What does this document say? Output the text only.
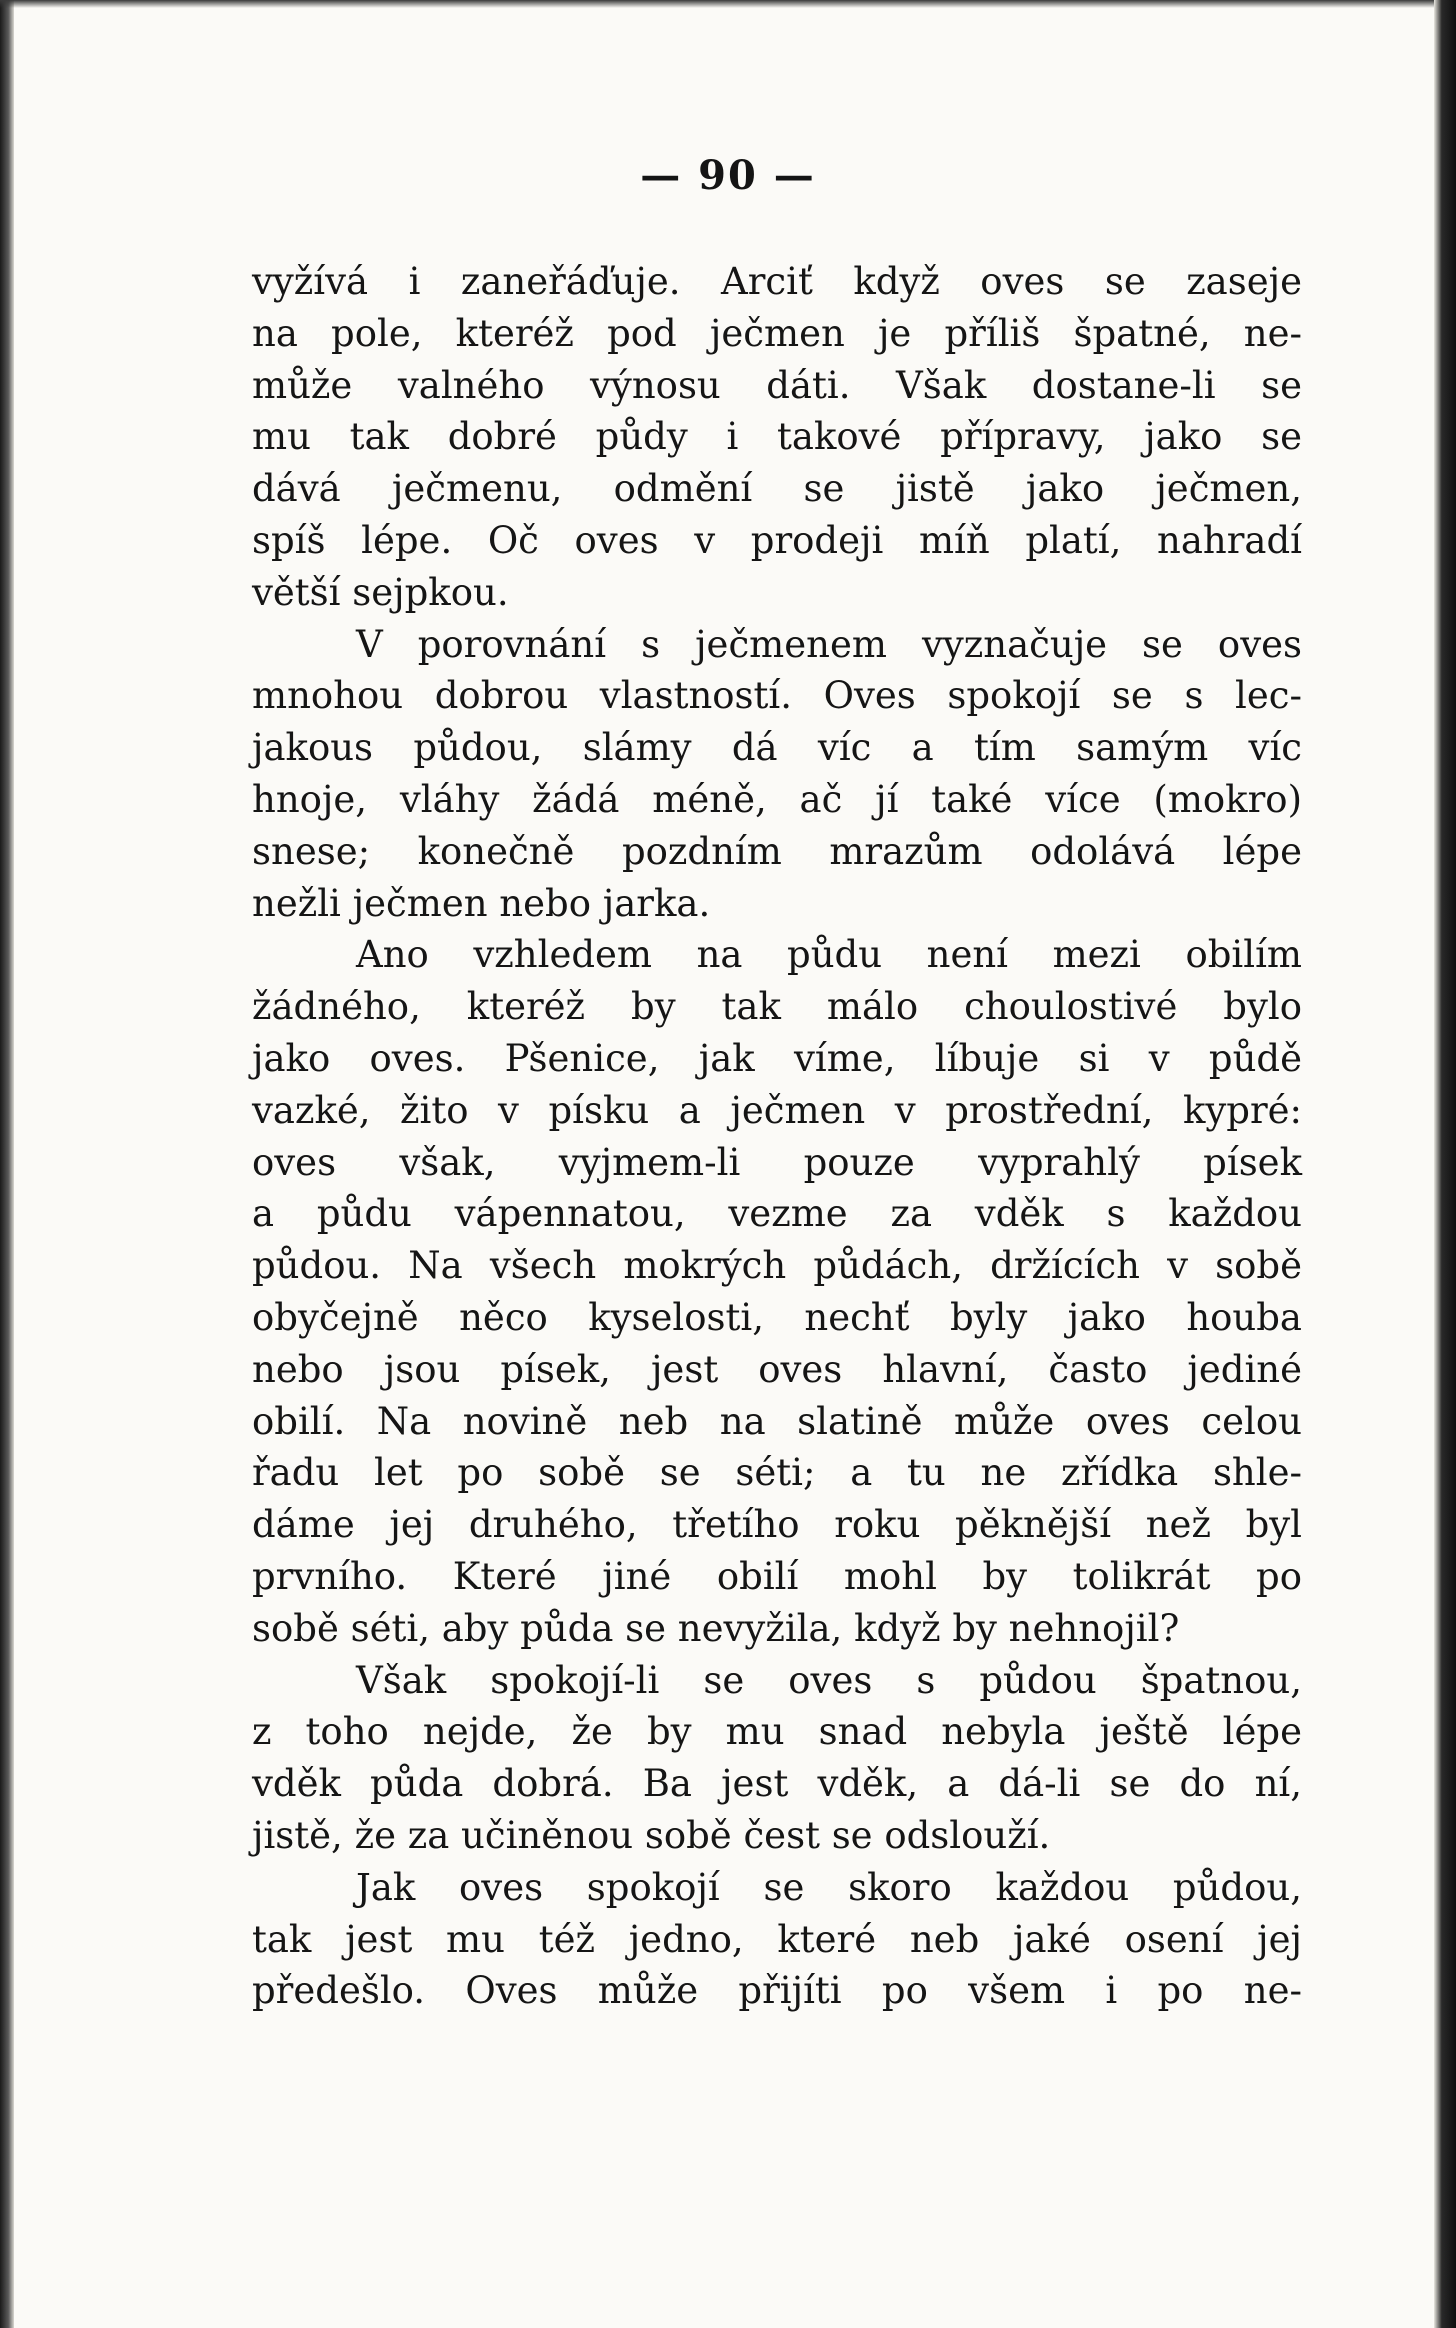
— 90 —
vyžívá i zaneřáďuje. Arciť když oves se zaseje
na pole, kteréž pod ječmen je příliš špatné, ne-
může valného výnosu dáti. Však dostane-li se
mu tak dobré půdy i takové přípravy, jako se
dává ječmenu, odmění se jistě jako ječmen,
spíš lépe. Oč oves v prodeji míň platí, nahradí
větší sejpkou.
V porovnání s ječmenem vyznačuje se oves
mnohou dobrou vlastností. Oves spokojí se s lec-
jakous půdou, slámy dá víc a tím samým víc
hnoje, vláhy žádá méně, ač jí také více (mokro)
snese; konečně pozdním mrazům odolává lépe
nežli ječmen nebo jarka.
Ano vzhledem na půdu není mezi obilím
žádného, kteréž by tak málo choulostivé bylo
jako oves. Pšenice, jak víme, líbuje si v půdě
vazké, žito v písku a ječmen v prostřední, kypré:
oves však, vyjmem-li pouze vyprahlý písek
a půdu vápennatou, vezme za vděk s každou
půdou. Na všech mokrých půdách, držících v sobě
obyčejně něco kyselosti, nechť byly jako houba
nebo jsou písek, jest oves hlavní, často jediné
obilí. Na novině neb na slatině může oves celou
řadu let po sobě se séti; a tu ne zřídka shle-
dáme jej druhého, třetího roku pěknější než byl
prvního. Které jiné obilí mohl by tolikrát po
sobě séti, aby půda se nevyžila, když by nehnojil?
Však spokojí-li se oves s půdou špatnou,
z toho nejde, že by mu snad nebyla ještě lépe
vděk půda dobrá. Ba jest vděk, a dá-li se do ní,
jistě, že za učiněnou sobě čest se odslouží.
Jak oves spokojí se skoro každou půdou,
tak jest mu též jedno, které neb jaké osení jej
předešlo. Oves může přijíti po všem i po ne-
